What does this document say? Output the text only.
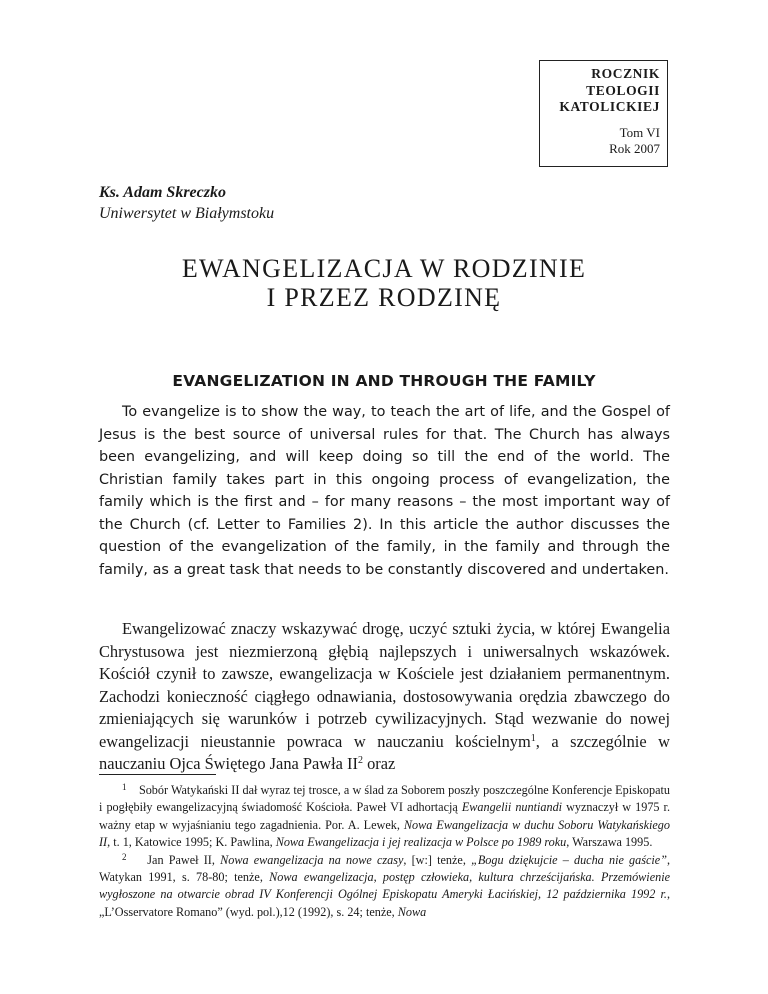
ROCZNIK
TEOLOGII
KATOLICKIEJ
Tom VI
Rok 2007
Ks. Adam Skreczko
Uniwersytet w Białymstoku
EWANGELIZACJA W RODZINIE
I PRZEZ RODZINĘ
EVANGELIZATION IN AND THROUGH THE FAMILY
To evangelize is to show the way, to teach the art of life, and the Gospel of Jesus is the best source of universal rules for that. The Church has always been evangelizing, and will keep doing so till the end of the world. The Christian family takes part in this ongoing process of evangelization, the family which is the first and – for many reasons – the most important way of the Church (cf. Letter to Families 2). In this article the author discusses the question of the evangelization of the family, in the family and through the family, as a great task that needs to be constantly discovered and undertaken.
Ewangelizować znaczy wskazywać drogę, uczyć sztuki życia, w której Ewangelia Chrystusowa jest niezmierzoną głębią najlepszych i uniwersalnych wskazówek. Kościół czynił to zawsze, ewangelizacja w Kościele jest działaniem permanentnym. Zachodzi konieczność ciągłego odnawiania, dostosowywania orędzia zbawczego do zmieniających się warunków i potrzeb cywilizacyjnych. Stąd wezwanie do nowej ewangelizacji nieustannie powraca w nauczaniu kościelnym$^1$, a szczególnie w nauczaniu Ojca Świętego Jana Pawła $II^2$ oraz

$^1$ Sobór Watykański II dał wyraz tej trosce, a w ślad za Soborem poszły poszczególne Konferencje Episkopatu i pogłębiły ewangelizacyjną świadomość Kościoła. Paweł VI adhortacją Ewangelii nuntiandi wyznaczył w 1975 r. ważny etap w wyjaśnianiu tego zagadnienia. Por. A. Lewek, Nowa Ewangelizacja w duchu Soboru Watykańskiego II, t. 1, Katowice 1995; K. Pawlina, Nowa Ewangelizacja i jej realizacja w Polsce po 1989 roku, Warszawa 1995.

$^2$ Jan Paweł II, Nowa ewangelizacja na nowe czasy, [w:] tenże, „Bogu dziękujcie – ducha nie gaście”, Watykan 1991, s. 78-80; tenże, Nowa ewangelizacja, postęp człowieka, kultura chrześcijańska. Przemówienie wygłoszone na otwarcie obrad IV Konferencji Ogólnej Episkopatu Ameryki Łacińskiej, 12 października 1992 r., „L’Osservatore Romano” (wyd. pol.),12 (1992), s. 24; tenże, Nowa
